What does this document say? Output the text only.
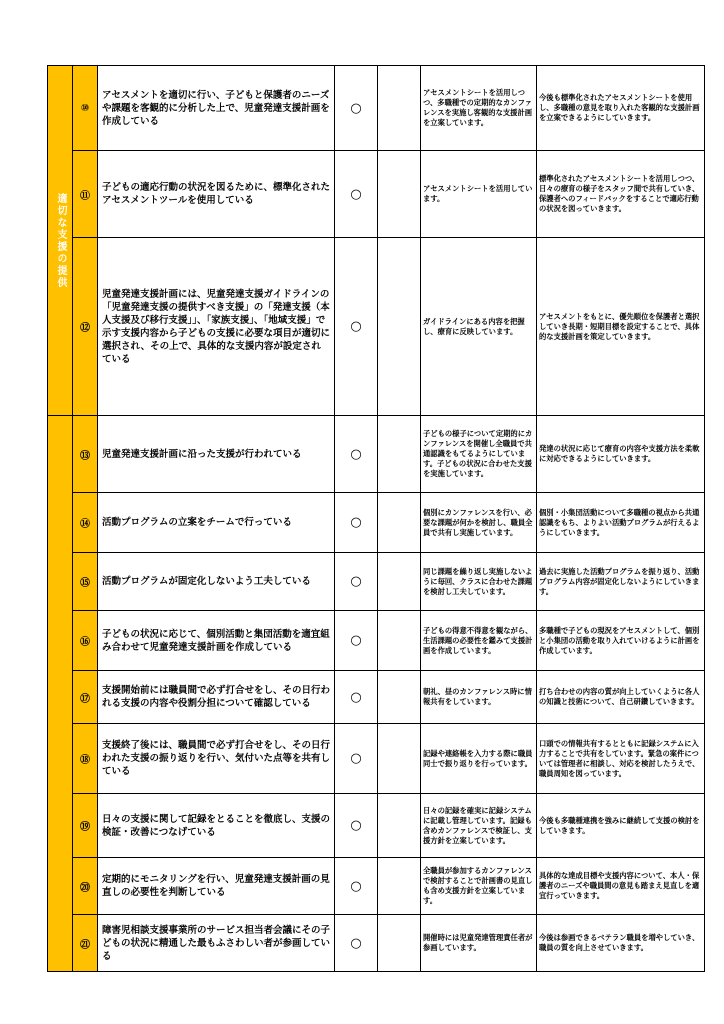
適切な支援の提供	⑩	アセスメントを適切に行い、子どもと保護者のニーズや課題を客観的に分析した上で、児童発達支援計画を作成している	○		アセスメントシートを活用しつつ、多職種での定期的なカンファレンスを実施し客観的な支援計画を立案しています。	今後も標準化されたアセスメントシートを使用し、多職種の意見を取り入れた客観的な支援計画を立案できるようにしていきます。
	⑪	子どもの適応行動の状況を図るために、標準化されたアセスメントツールを使用している	○		アセスメントシートを活用しています。	標準化されたアセスメントシートを活用しつつ、日々の療育の様子をスタッフ間で共有していき、保護者へのフィードバックをすることで適応行動の状況を図っていきます。
	⑫	児童発達支援計画には、児童発達支援ガイドラインの「児童発達支援の提供すべき支援」の「発達支援（本人支援及び移行支援」」、「家族支援」、「地域支援」で示す支援内容から子どもの支援に必要な項目が適切に選択され、その上で、具体的な支援内容が設定されている	○		ガイドラインにある内容を把握し、療育に反映しています。	アセスメントをもとに、優先順位を保護者と選択していき長期・短期目標を設定することで、具体的な支援計画を策定していきます。
	⑬	児童発達支援計画に沿った支援が行われている	○		子どもの様子について定期的にカンファレンスを開催し全職員で共通認識をもてるようにしています。子どもの状況に合わせた支援を実施しています。	発達の状況に応じて療育の内容や支援方法を柔軟に対応できるようにしていきます。
	⑭	活動プログラムの立案をチームで行っている	○		個別にカンファレンスを行い、必要な課題が何かを検討し、職員全員で共有し実施しています。	個別・小集団活動について多職種の視点から共通認識をもち、よりよい活動プログラムが行えるようにしていきます。
	⑮	活動プログラムが固定化しないよう工夫している	○		同じ課題を繰り返し実施しないように毎回、クラスに合わせた課題を検討し工夫しています。	過去に実施した活動プログラムを振り返り、活動プログラム内容が固定化しないようにしていきます。
	⑯	子どもの状況に応じて、個別活動と集団活動を適宜組み合わせて児童発達支援計画を作成している	○		子どもの得意不得意を観ながら、生活課題の必要性を鑑みて支援計画を作成しています。	多職種で子どもの現況をアセスメントして、個別と小集団の活動を取り入れていけるように計画を作成しています。
	⑰	支援開始前には職員間で必ず打合せをし、その日行われる支援の内容や役割分担について確認している	○		朝礼、昼のカンファレンス時に情報共有をしています。	打ち合わせの内容の質が向上していくように各人の知識と技術について、自己研鑽していきます。
	⑱	支援終了後には、職員間で必ず打合せをし、その日行われた支援の振り返りを行い、気付いた点等を共有している	○		記録や連絡帳を入力する際に職員同士で振り返りを行っています。	口頭での情報共有するとともに記録システムに入力することで共有をしています。緊急の案件については管理者に相談し、対応を検討したうえで、職員周知を図っています。
	⑲	日々の支援に関して記録をとることを徹底し、支援の検証・改善につなげている	○		日々の記録を確実に記録システムに記載し管理しています。記録も含めカンファレンスで検証し、支援方針を立案しています。	今後も多職種連携を強みに継続して支援の検討をしていきます。
	⑳	定期的にモニタリングを行い、児童発達支援計画の見直しの必要性を判断している	○		全職員が参加するカンファレンスで検討することで計画書の見直しも含め支援方針を立案しています。	具体的な達成目標や支援内容について、本人・保護者のニーズや職員間の意見も踏まえ見直しを適宜行っていきます。
	㉑	障害児相談支援事業所のサービス担当者会議にその子どもの状況に精通した最もふさわしい者が参画している	○		開催時には児童発達管理責任者が参画しています。	今後は参画できるベテラン職員を増やしていき、職員の質を向上させていきます。
